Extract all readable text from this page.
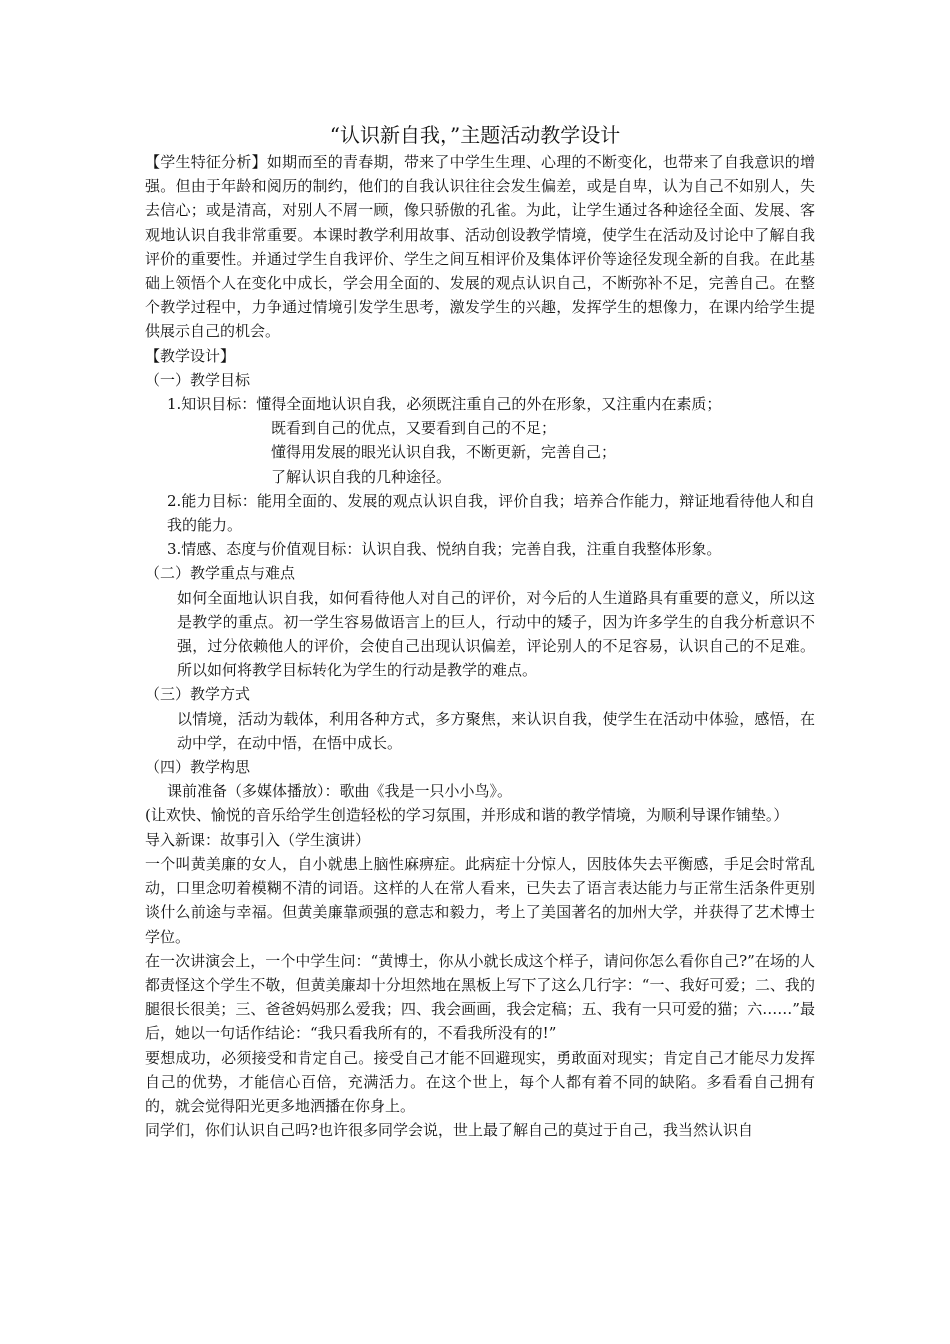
“认识新自我，”主题活动教学设计

【学生特征分析】如期而至的青春期，带来了中学生生理、心理的不断变化，也带来了自我意识的增强。但由于年龄和阅历的制约，他们的自我认识往往会发生偏差，或是自卑，认为自己不如别人，失去信心；或是清高，对别人不屑一顾，像只骄傲的孔雀。为此，让学生通过各种途径全面、发展、客观地认识自我非常重要。本课时教学利用故事、活动创设教学情境，使学生在活动及讨论中了解自我评价的重要性。并通过学生自我评价、学生之间互相评价及集体评价等途径发现全新的自我。在此基础上领悟个人在变化中成长，学会用全面的、发展的观点认识自己，不断弥补不足，完善自己。在整个教学过程中，力争通过情境引发学生思考，激发学生的兴趣，发挥学生的想像力，在课内给学生提供展示自己的机会。

【教学设计】

（一）教学目标

1.知识目标：懂得全面地认识自我，必须既注重自己的外在形象，又注重内在素质；

既看到自己的优点，又要看到自己的不足；

懂得用发展的眼光认识自我，不断更新，完善自己；

了解认识自我的几种途径。

2.能力目标：能用全面的、发展的观点认识自我，评价自我；培养合作能力，辩证地看待他人和自我的能力。

3.情感、态度与价值观目标：认识自我、悦纳自我；完善自我，注重自我整体形象。

（二）教学重点与难点

如何全面地认识自我，如何看待他人对自己的评价，对今后的人生道路具有重要的意义，所以这是教学的重点。初一学生容易做语言上的巨人，行动中的矮子，因为许多学生的自我分析意识不强，过分依赖他人的评价，会使自己出现认识偏差，评论别人的不足容易，认识自己的不足难。所以如何将教学目标转化为学生的行动是教学的难点。

（三）教学方式

以情境，活动为载体，利用各种方式，多方聚焦，来认识自我，使学生在活动中体验，感悟，在动中学，在动中悟，在悟中成长。

（四）教学构思

课前准备（多媒体播放）：歌曲《我是一只小小鸟》。

(让欢快、愉悦的音乐给学生创造轻松的学习氛围，并形成和谐的教学情境，为顺利导课作铺垫。）

导入新课：故事引入（学生演讲）

一个叫黄美廉的女人，自小就患上脑性麻痹症。此病症十分惊人，因肢体失去平衡感，手足会时常乱动，口里念叨着模糊不清的词语。这样的人在常人看来，已失去了语言表达能力与正常生活条件更别谈什么前途与幸福。但黄美廉靠顽强的意志和毅力，考上了美国著名的加州大学，并获得了艺术博士学位。

在一次讲演会上，一个中学生问：“黄博士，你从小就长成这个样子，请问你怎么看你自己?”在场的人都责怪这个学生不敬，但黄美廉却十分坦然地在黑板上写下了这么几行字：“一、我好可爱；二、我的腿很长很美；三、爸爸妈妈那么爱我；四、我会画画，我会定稿；五、我有一只可爱的猫；六……”最后，她以一句话作结论：“我只看我所有的，不看我所没有的!”

要想成功，必须接受和肯定自己。接受自己才能不回避现实，勇敢面对现实；肯定自己才能尽力发挥自己的优势，才能信心百倍，充满活力。在这个世上，每个人都有着不同的缺陷。多看看自己拥有的，就会觉得阳光更多地洒播在你身上。

同学们，你们认识自己吗?也许很多同学会说，世上最了解自己的莫过于自己，我当然认识自
